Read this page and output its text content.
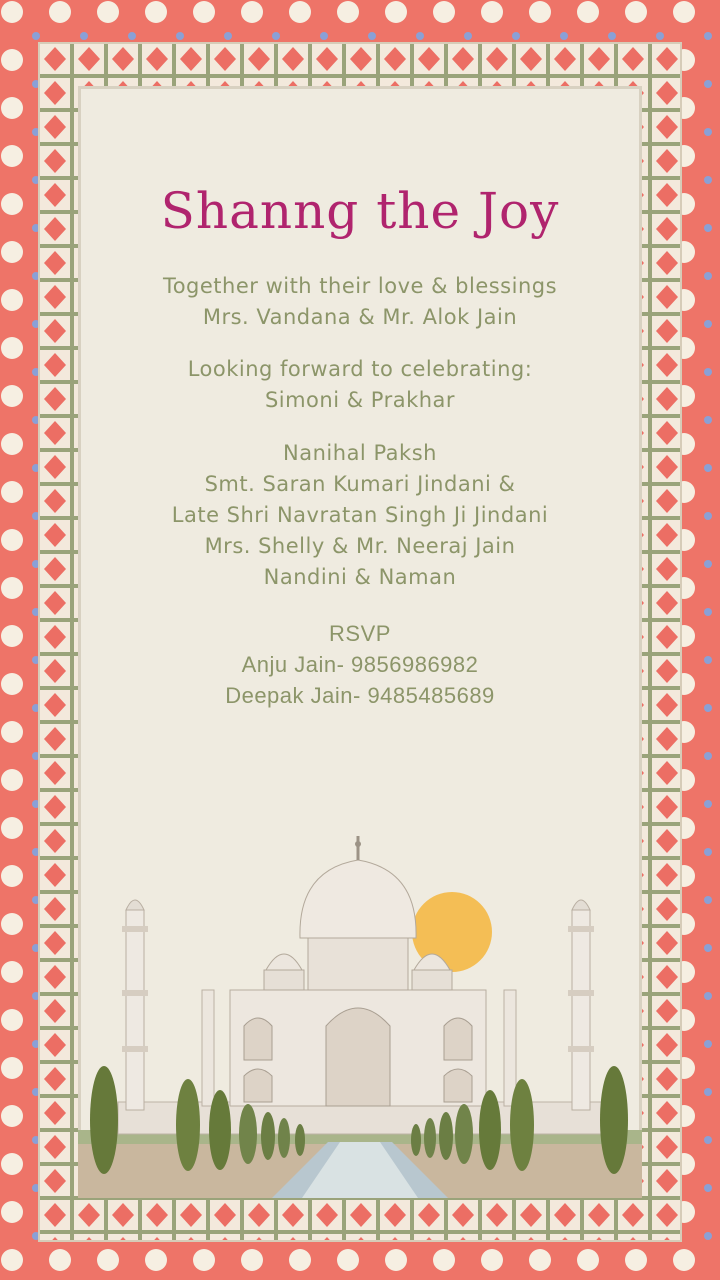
Shanng the Joy
Together with their love & blessings
Mrs. Vandana & Mr. Alok Jain
Looking forward to celebrating:
Simoni & Prakhar
Nanihal Paksh
Smt. Saran Kumari Jindani &
Late Shri Navratan Singh Ji Jindani
Mrs. Shelly & Mr. Neeraj Jain
Nandini & Naman
RSVP
Anju Jain- 9856986982
Deepak Jain- 9485485689
